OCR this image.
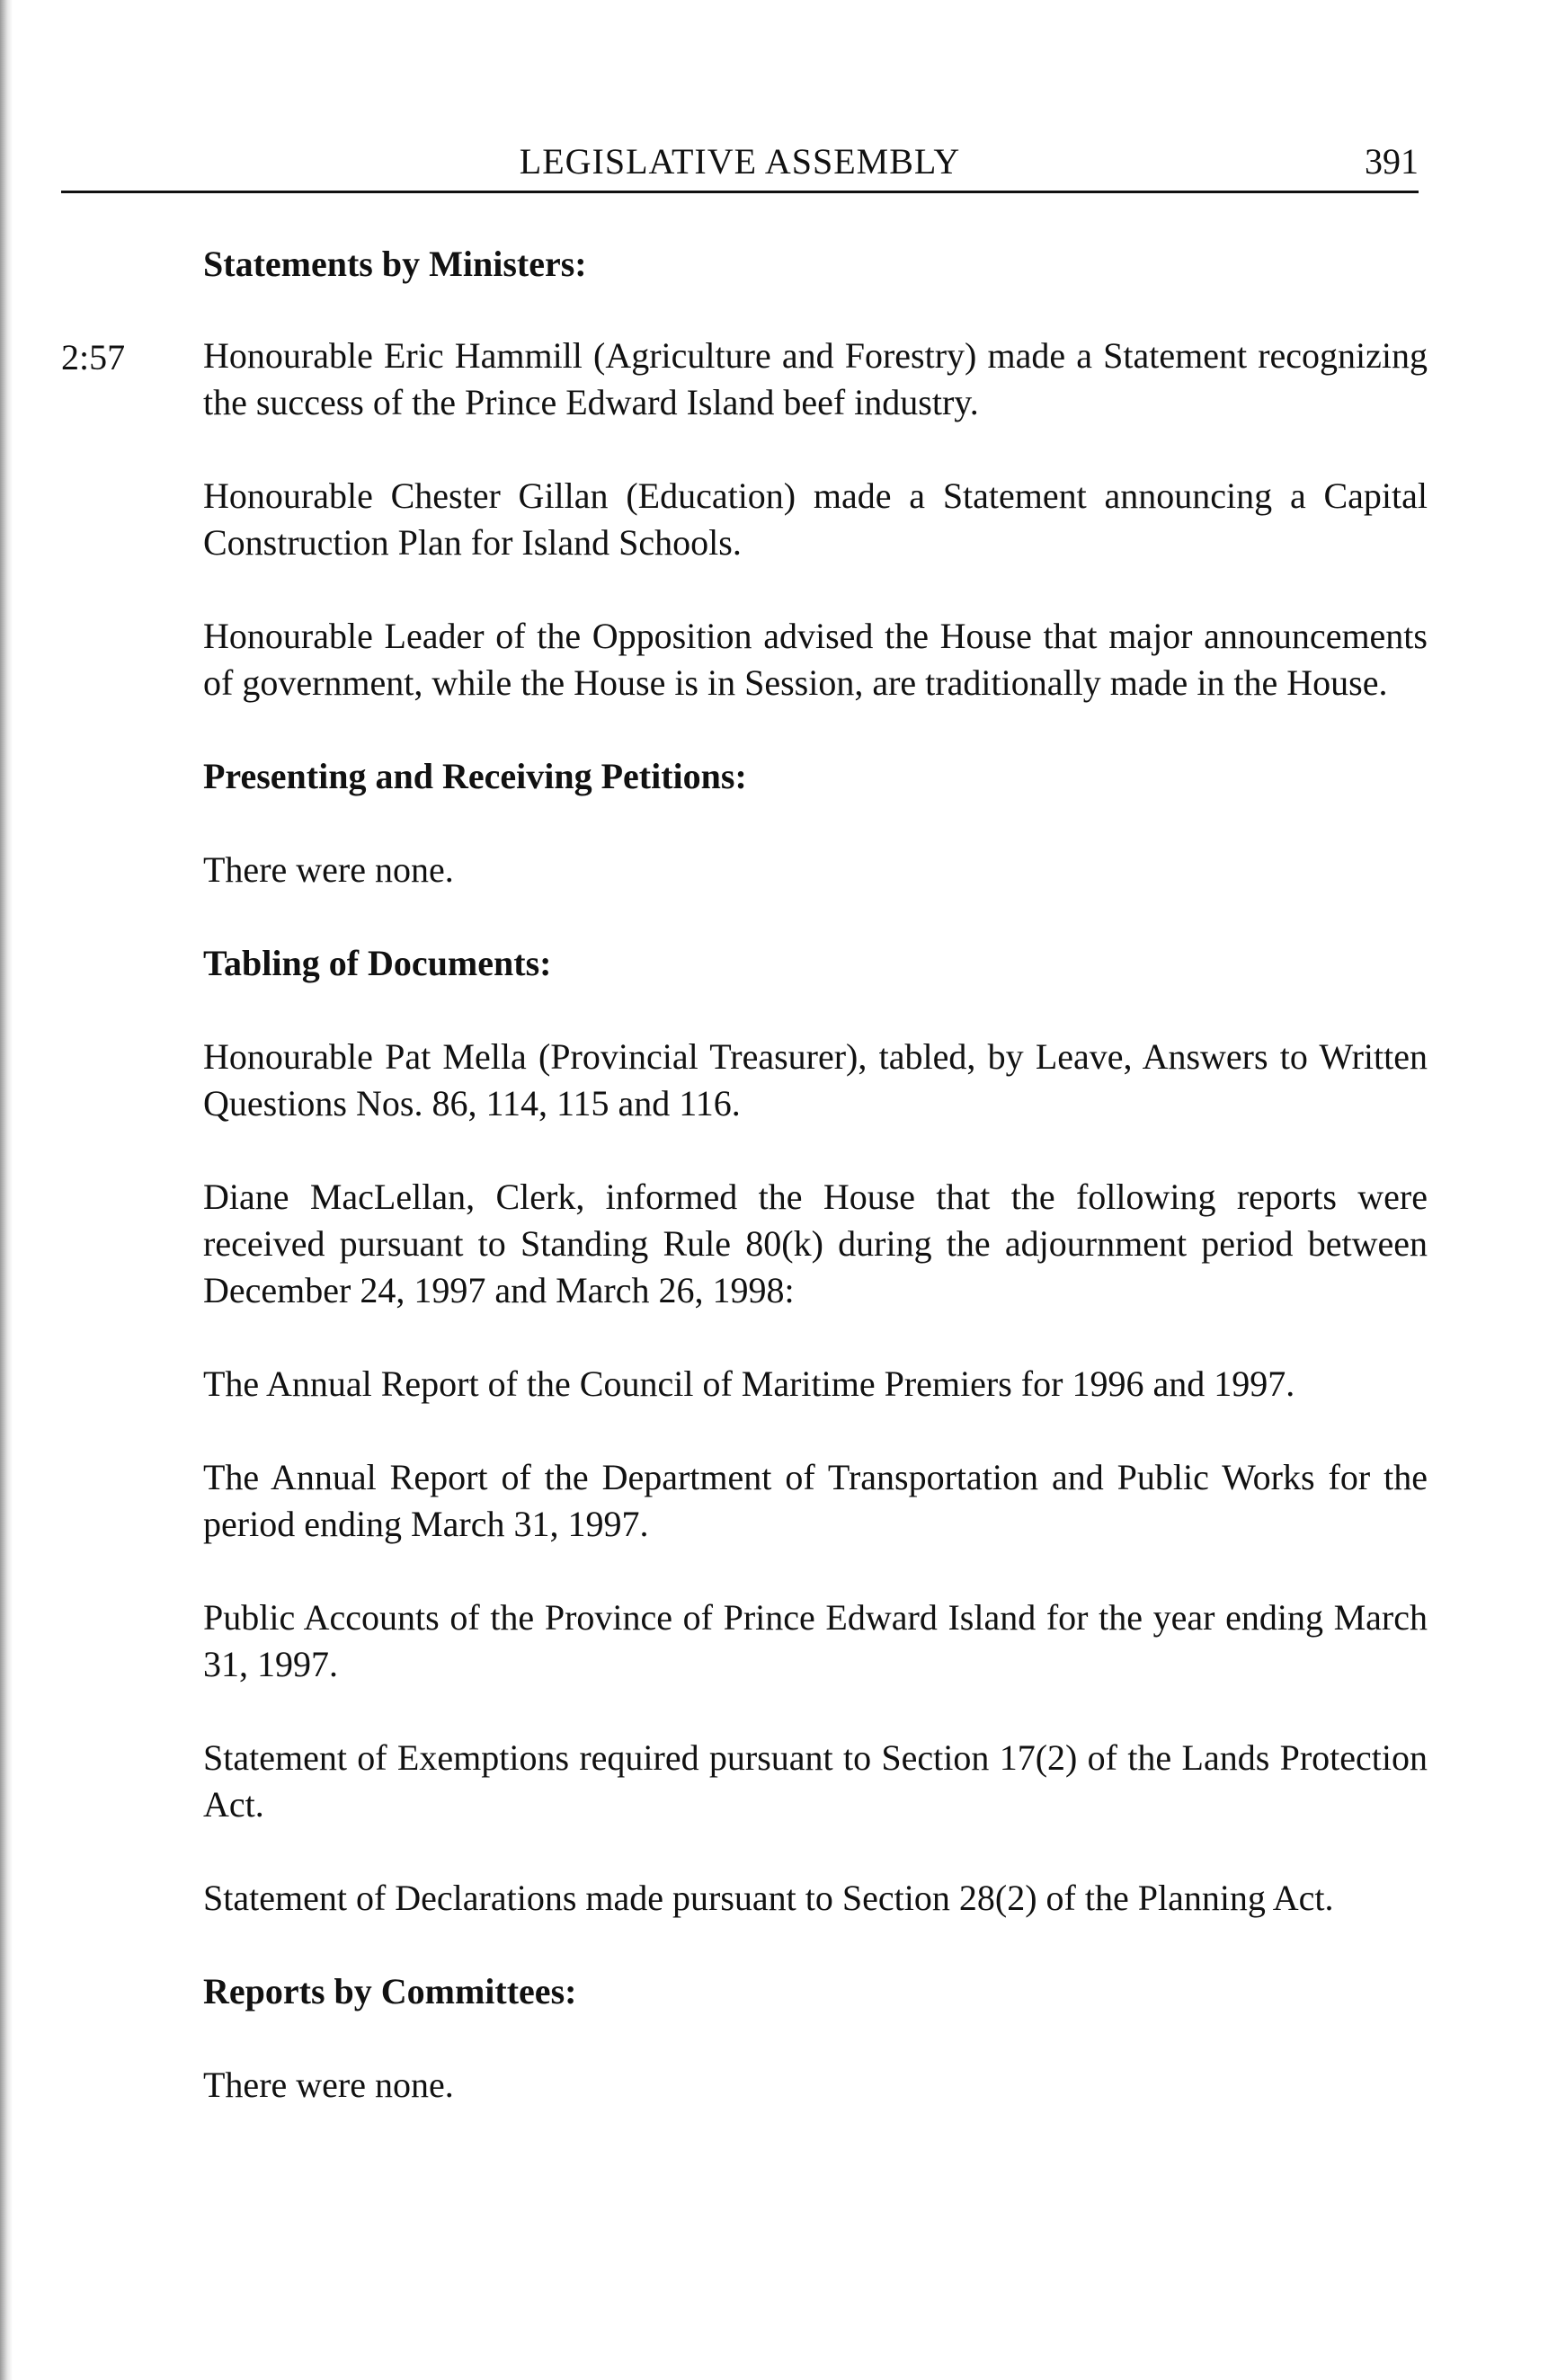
LEGISLATIVE ASSEMBLY	391
2:57
Statements by Ministers:

Honourable Eric Hammill (Agriculture and Forestry) made a Statement recognizing the success of the Prince Edward Island beef industry.

Honourable Chester Gillan (Education) made a Statement announcing a Capital Construction Plan for Island Schools.

Honourable Leader of the Opposition advised the House that major announcements of government, while the House is in Session, are traditionally made in the House.

Presenting and Receiving Petitions:

There were none.

Tabling of Documents:

Honourable Pat Mella (Provincial Treasurer), tabled, by Leave, Answers to Written Questions Nos. 86, 114, 115 and 116.

Diane MacLellan, Clerk, informed the House that the following reports were received pursuant to Standing Rule 80(k) during the adjournment period between December 24, 1997 and March 26, 1998:

The Annual Report of the Council of Maritime Premiers for 1996 and 1997.

The Annual Report of the Department of Transportation and Public Works for the period ending March 31, 1997.

Public Accounts of the Province of Prince Edward Island for the year ending March 31, 1997.

Statement of Exemptions required pursuant to Section 17(2) of the Lands Protection Act.

Statement of Declarations made pursuant to Section 28(2) of the Planning Act.

Reports by Committees:

There were none.
